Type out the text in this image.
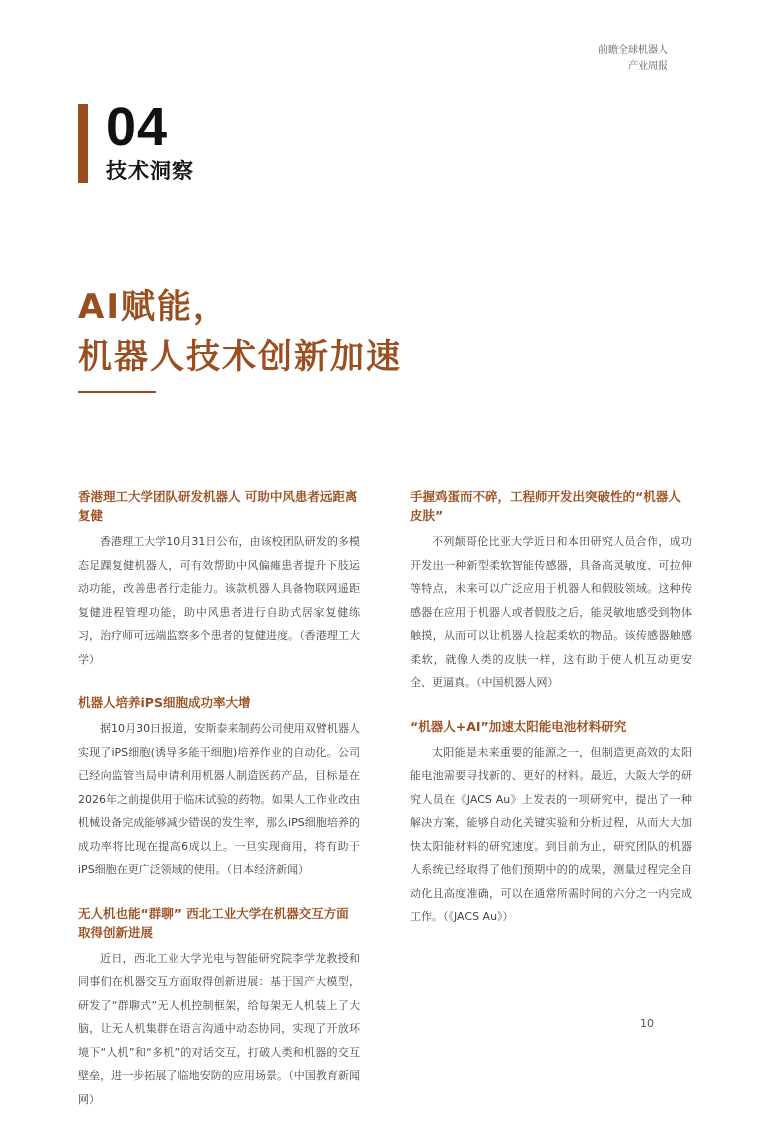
前瞻全球机器人
产业周报
04
技术洞察
AI赋能，
机器人技术创新加速
香港理工大学团队研发机器人 可助中风患者远距离复健

香港理工大学10月31日公布，由该校团队研发的多模态足踝复健机器人，可有效帮助中风偏瘫患者提升下肢运动功能，改善患者行走能力。该款机器人具备物联网遥距复健进程管理功能，助中风患者进行自助式居家复健练习，治疗师可远端监察多个患者的复健进度。（香港理工大学）

机器人培养iPS细胞成功率大增

据10月30日报道，安斯泰来制药公司使用双臂机器人实现了iPS细胞(诱导多能干细胞)培养作业的自动化。公司已经向监管当局申请利用机器人制造医药产品，目标是在2026年之前提供用于临床试验的药物。如果人工作业改由机械设备完成能够减少错误的发生率，那么iPS细胞培养的成功率将比现在提高6成以上。一旦实现商用，将有助于iPS细胞在更广泛领域的使用。（日本经济新闻）

无人机也能“群聊” 西北工业大学在机器交互方面取得创新进展

近日，西北工业大学光电与智能研究院李学龙教授和同事们在机器交互方面取得创新进展：基于国产大模型，研发了“群聊式”无人机控制框架，给每架无人机装上了大脑，让无人机集群在语言沟通中动态协同，实现了开放环境下“人机”和“多机”的对话交互，打破人类和机器的交互壁垒，进一步拓展了临地安防的应用场景。（中国教育新闻网）

手握鸡蛋而不碎，工程师开发出突破性的“机器人皮肤”

不列颠哥伦比亚大学近日和本田研究人员合作，成功开发出一种新型柔软智能传感器，具备高灵敏度、可拉伸等特点，未来可以广泛应用于机器人和假肢领域。这种传感器在应用于机器人或者假肢之后，能灵敏地感受到物体触摸，从而可以让机器人捡起柔软的物品。该传感器触感柔软，就像人类的皮肤一样，这有助于使人机互动更安全、更逼真。（中国机器人网）

“机器人+AI”加速太阳能电池材料研究

太阳能是未来重要的能源之一，但制造更高效的太阳能电池需要寻找新的、更好的材料。最近，大阪大学的研究人员在《JACS Au》上发表的一项研究中，提出了一种解决方案，能够自动化关键实验和分析过程，从而大大加快太阳能材料的研究速度。到目前为止，研究团队的机器人系统已经取得了他们预期中的的成果，测量过程完全自动化且高度准确，可以在通常所需时间的六分之一内完成工作。（《JACS Au》）

10
